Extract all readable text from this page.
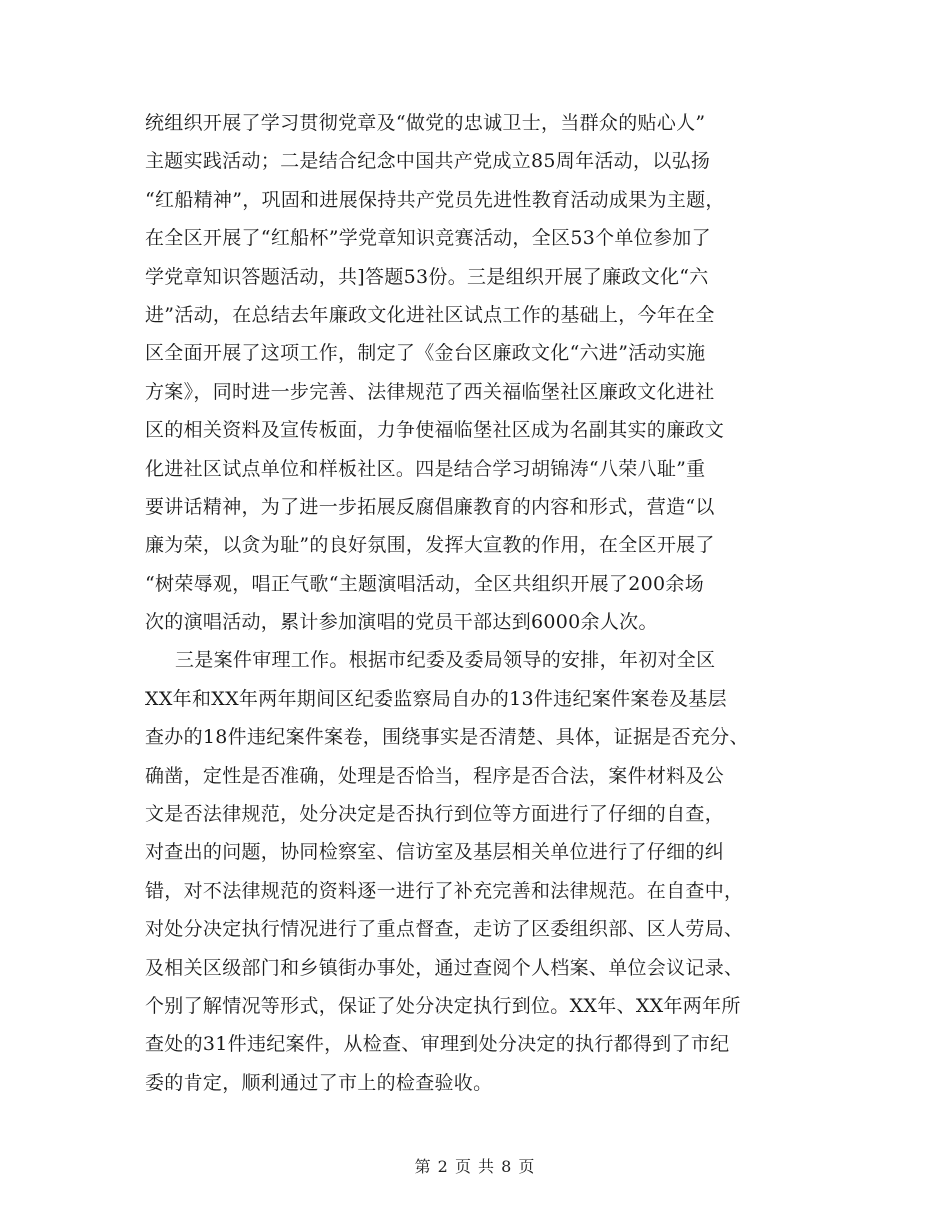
统组织开展了学习贯彻党章及“做党的忠诚卫士，当群众的贴心人”
主题实践活动；二是结合纪念中国共产党成立85周年活动，以弘扬
“红船精神”，巩固和进展保持共产党员先进性教育活动成果为主题，
在全区开展了“红船杯”学党章知识竞赛活动，全区53个单位参加了
学党章知识答题活动，共]答题53份。三是组织开展了廉政文化“六
进”活动，在总结去年廉政文化进社区试点工作的基础上，今年在全
区全面开展了这项工作，制定了《金台区廉政文化“六进”活动实施
方案》，同时进一步完善、法律规范了西关福临堡社区廉政文化进社
区的相关资料及宣传板面，力争使福临堡社区成为名副其实的廉政文
化进社区试点单位和样板社区。四是结合学习胡锦涛“八荣八耻”重
要讲话精神，为了进一步拓展反腐倡廉教育的内容和形式，营造“以
廉为荣，以贪为耻”的良好氛围，发挥大宣教的作用，在全区开展了
“树荣辱观，唱正气歌“主题演唱活动，全区共组织开展了200余场
次的演唱活动，累计参加演唱的党员干部达到6000余人次。
三是案件审理工作。根据市纪委及委局领导的安排，年初对全区
XX年和XX年两年期间区纪委监察局自办的13件违纪案件案卷及基层
查办的18件违纪案件案卷，围绕事实是否清楚、具体，证据是否充分、
确凿，定性是否准确，处理是否恰当，程序是否合法，案件材料及公
文是否法律规范，处分决定是否执行到位等方面进行了仔细的自查，
对查出的问题，协同检察室、信访室及基层相关单位进行了仔细的纠
错，对不法律规范的资料逐一进行了补充完善和法律规范。在自查中，
对处分决定执行情况进行了重点督查，走访了区委组织部、区人劳局、
及相关区级部门和乡镇街办事处，通过查阅个人档案、单位会议记录、
个别了解情况等形式，保证了处分决定执行到位。XX年、XX年两年所
查处的31件违纪案件，从检查、审理到处分决定的执行都得到了市纪
委的肯定，顺利通过了市上的检查验收。
第 2 页 共 8 页
